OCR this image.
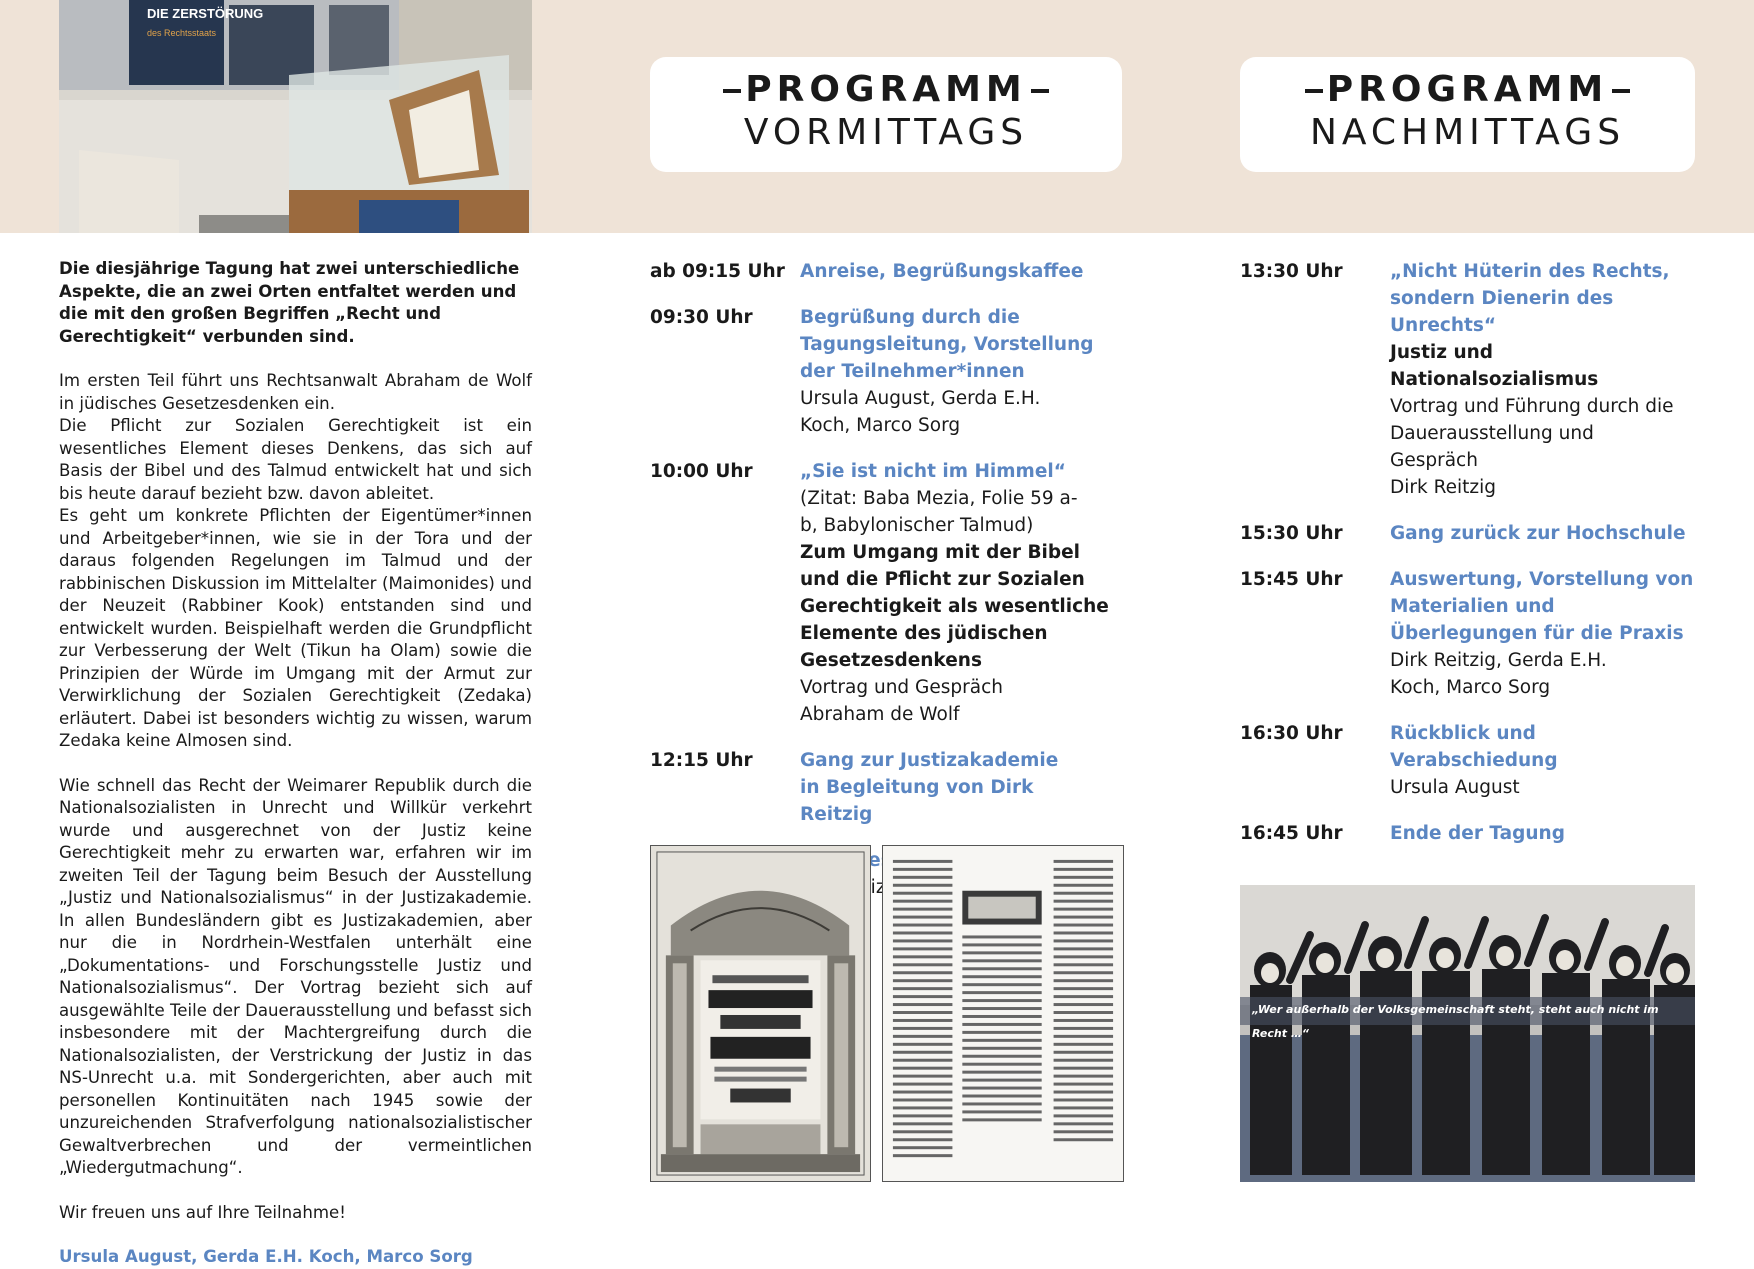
DIE ZERSTÖRUNG
des Rechtsstaats
PROGRAMM
VORMITTAGS
PROGRAMM
NACHMITTAGS

Die diesjährige Tagung hat zwei unterschiedliche Aspekte, die an zwei Orten entfaltet werden und die mit den großen Begriffen „Recht und Gerechtigkeit“ verbunden sind.

Im ersten Teil führt uns Rechtsanwalt Abraham de Wolf in jüdisches Gesetzesdenken ein.

Die Pflicht zur Sozialen Gerechtigkeit ist ein wesentliches Element dieses Denkens, das sich auf Basis der Bibel und des Talmud entwickelt hat und sich bis heute darauf bezieht bzw. davon ableitet.

Es geht um konkrete Pflichten der Eigentümer*innen und Arbeitgeber*innen, wie sie in der Tora und der daraus folgenden Regelungen im Talmud und der rabbinischen Diskussion im Mittelalter (Maimonides) und der Neuzeit (Rabbiner Kook) entstanden sind und entwickelt wurden. Beispielhaft werden die Grundpflicht zur Verbesserung der Welt (Tikun ha Olam) sowie die Prinzipien der Würde im Umgang mit der Armut zur Verwirklichung der Sozialen Gerechtigkeit (Zedaka) erläutert. Dabei ist besonders wichtig zu wissen, warum Zedaka keine Almosen sind.

Wie schnell das Recht der Weimarer Republik durch die Nationalsozialisten in Unrecht und Willkür verkehrt wurde und ausgerechnet von der Justiz keine Gerechtigkeit mehr zu erwarten war, erfahren wir im zweiten Teil der Tagung beim Besuch der Ausstellung „Justiz und Nationalsozialismus“ in der Justizakademie. In allen Bundesländern gibt es Justizakademien, aber nur die in Nordrhein-Westfalen unterhält eine „Dokumentations- und Forschungsstelle Justiz und Nationalsozialismus“. Der Vortrag bezieht sich auf ausgewählte Teile der Dauerausstellung und befasst sich insbesondere mit der Machtergreifung durch die Nationalsozialisten, der Verstrickung der Justiz in das NS-Unrecht u.a. mit Sondergerichten, aber auch mit personellen Kontinuitäten nach 1945 sowie der unzureichenden Strafverfolgung nationalsozialistischer Gewaltverbrechen und der vermeintlichen „Wiedergutmachung“.

Wir freuen uns auf Ihre Teilnahme!

Ursula August, Gerda E.H. Koch, Marco Sorg

ab 09:15 Uhr Anreise, Begrüßungskaffee
09:30 Uhr	Begrüßung durch die Tagungsleitung, Vorstellung der Teilnehmer*innen
Ursula August, Gerda E.H. Koch, Marco Sorg
10:00 Uhr	„Sie ist nicht im Himmel“
(Zitat: Baba Mezia, Folie 59 a-b, Babylonischer Talmud)
Zum Umgang mit der Bibel und die Pflicht zur Sozialen Gerechtigkeit als wesentliche Elemente des jüdischen Gesetzesdenkens
Vortrag und Gespräch
Abraham de Wolf
12:15 Uhr	Gang zur Justizakademie in Begleitung von Dirk Reitzig
13:30 Uhr	„Nicht Hüterin des Rechts, sondern Dienerin des Unrechts“
Justiz und Nationalsozialismus
Vortrag und Führung durch die Dauerausstellung und Gespräch
Dirk Reitzig
15:30 Uhr	Gang zurück zur Hochschule
15:45 Uhr	Auswertung, Vorstellung von Materialien und Überlegungen für die Praxis
Dirk Reitzig, Gerda E.H. Koch, Marco Sorg
16:30 Uhr	Rückblick und Verabschiedung
Ursula August
16:45 Uhr	Ende der Tagung
„Wer außerhalb der Volksgemeinschaft steht, steht auch nicht im Recht …“
